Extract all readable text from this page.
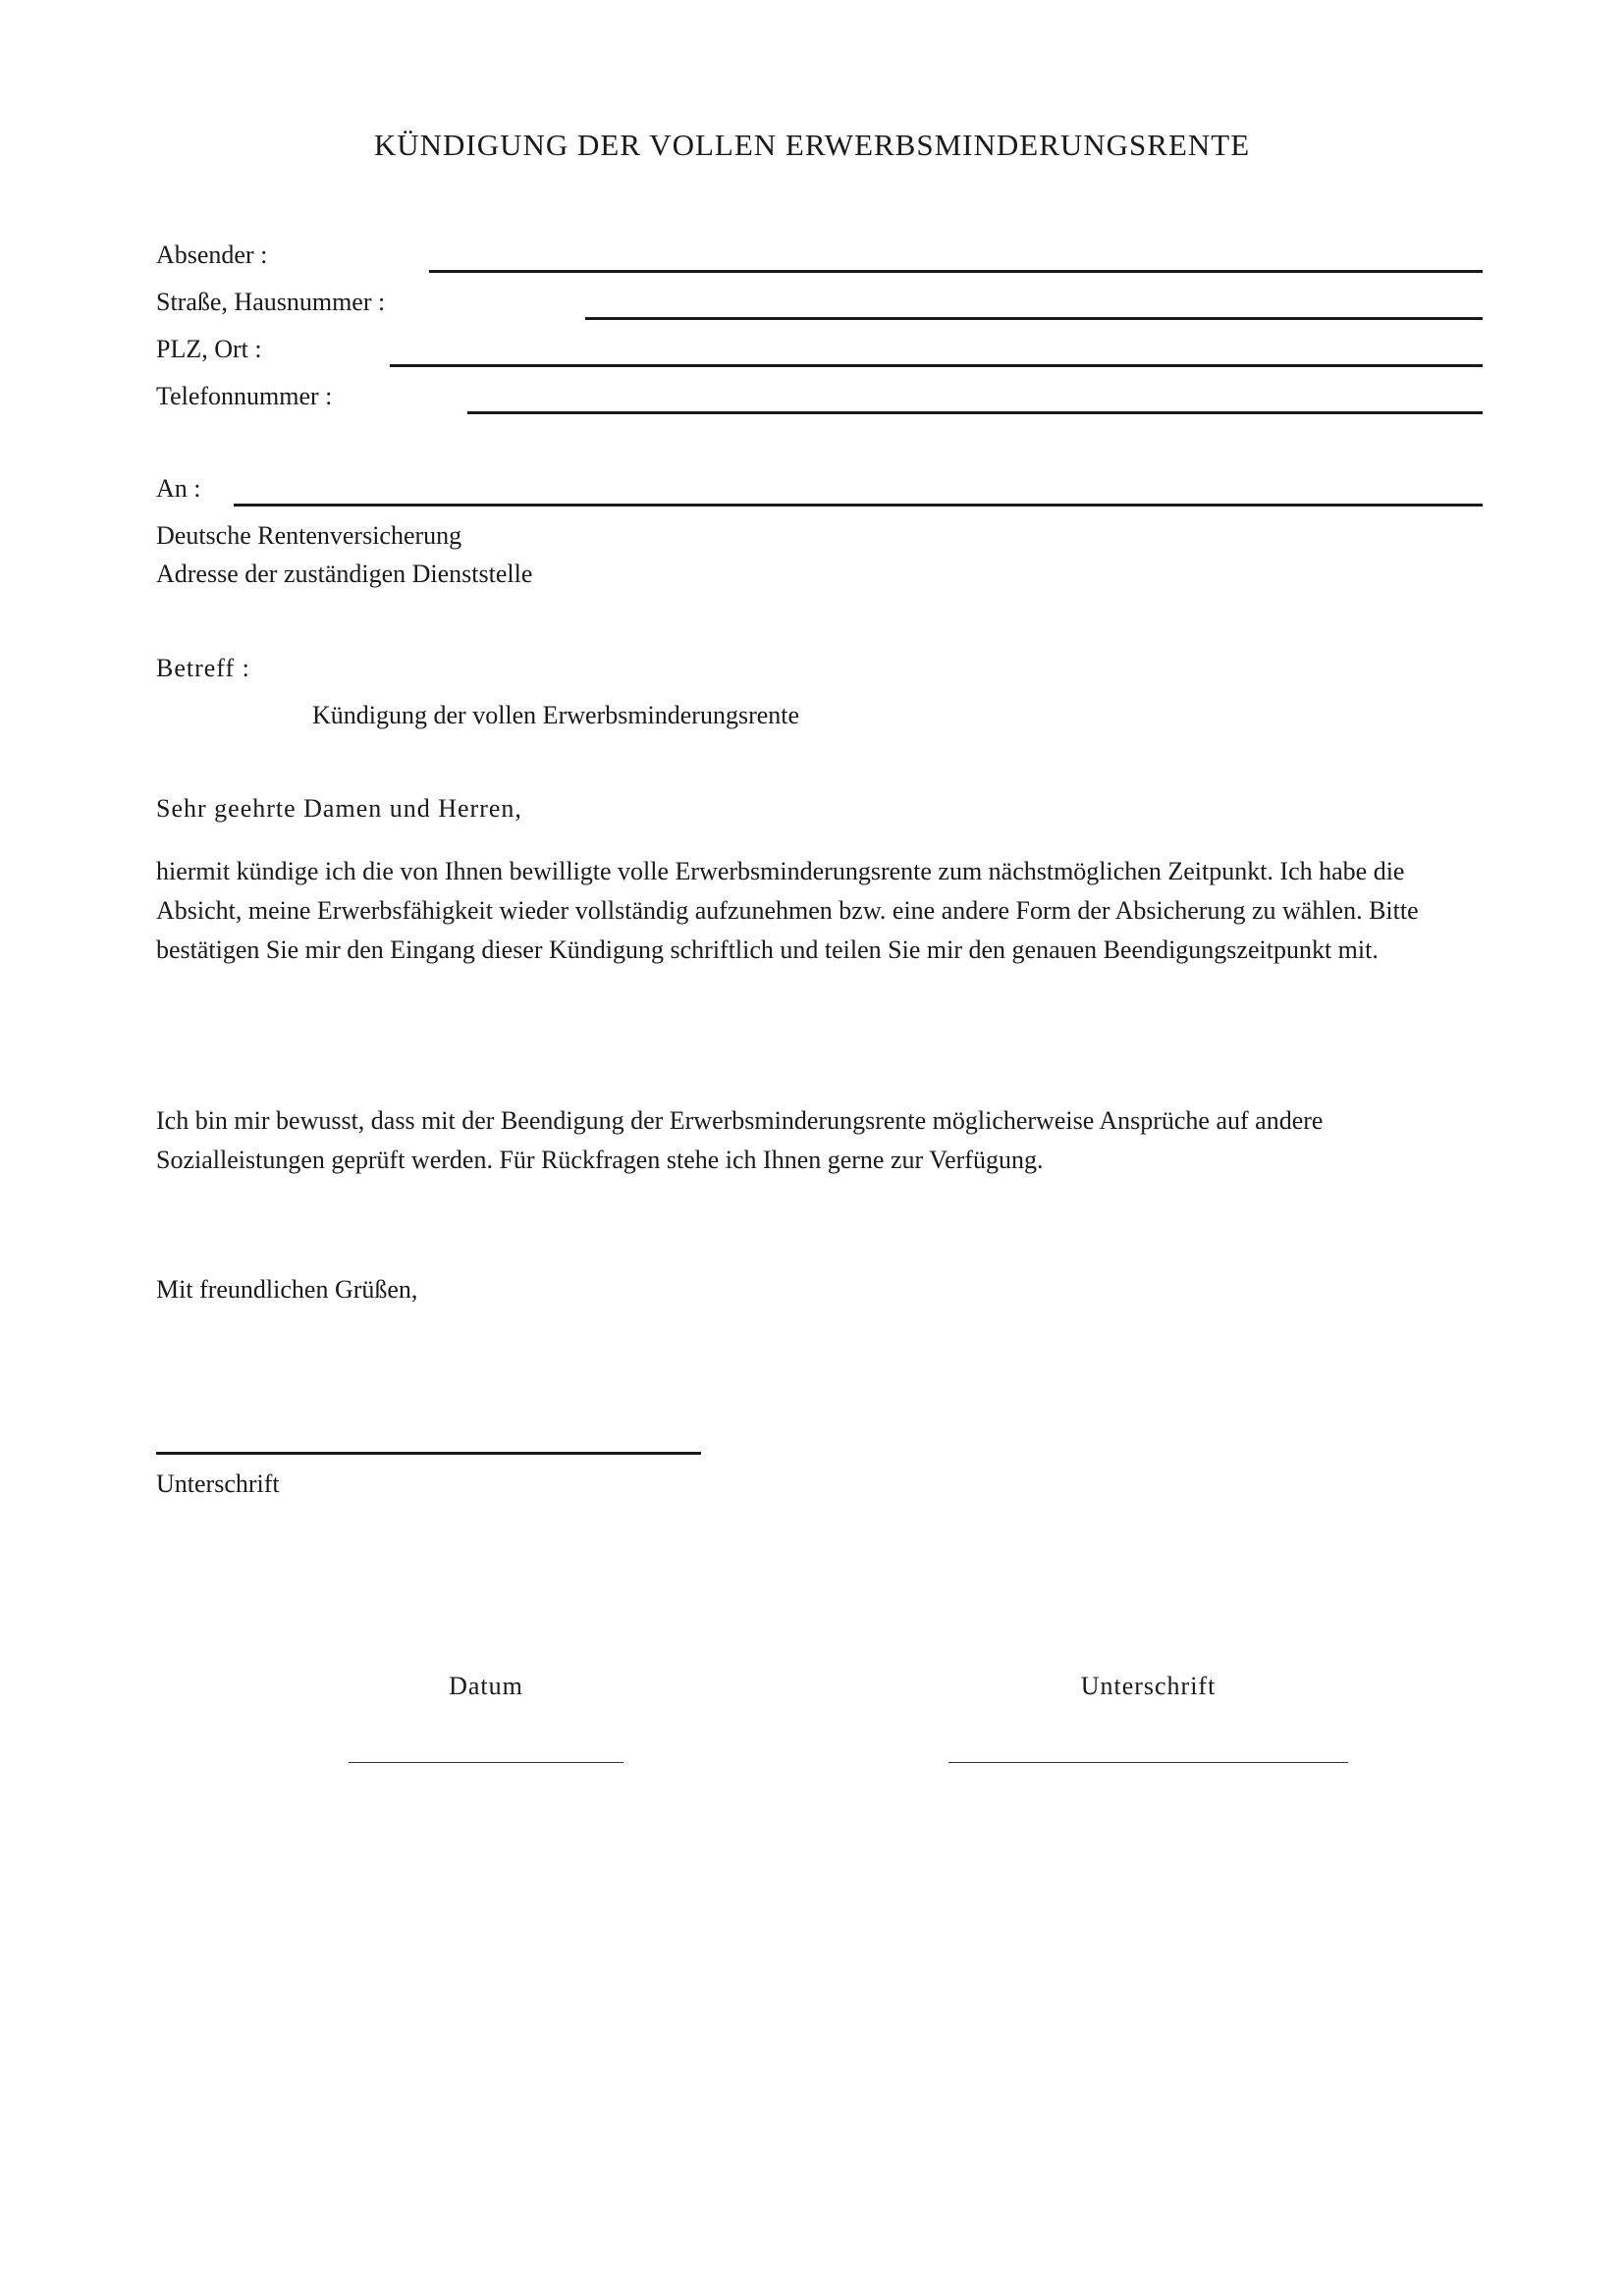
KÜNDIGUNG DER VOLLEN ERWERBSMINDERUNGSRENTE
Absender :
Straße, Hausnummer :
PLZ, Ort :
Telefonnummer :
An :
Deutsche Rentenversicherung
Adresse der zuständigen Dienststelle
Betreff :
Kündigung der vollen Erwerbsminderungsrente
Sehr geehrte Damen und Herren,
hiermit kündige ich die von Ihnen bewilligte volle Erwerbsminderungsrente zum nächstmöglichen Zeitpunkt. Ich habe die Absicht, meine Erwerbsfähigkeit wieder vollständig aufzunehmen bzw. eine andere Form der Absicherung zu wählen. Bitte bestätigen Sie mir den Eingang dieser Kündigung schriftlich und teilen Sie mir den genauen Beendigungszeitpunkt mit.
Ich bin mir bewusst, dass mit der Beendigung der Erwerbsminderungsrente möglicherweise Ansprüche auf andere Sozialleistungen geprüft werden. Für Rückfragen stehe ich Ihnen gerne zur Verfügung.
Mit freundlichen Grüßen,
Unterschrift
Datum	Unterschrift
